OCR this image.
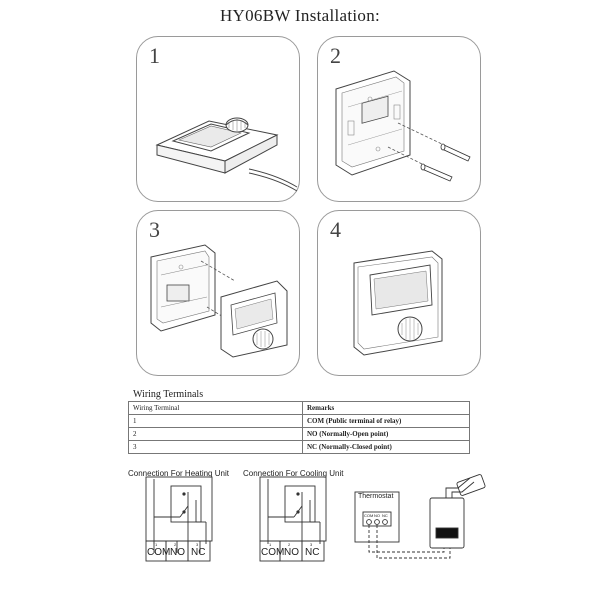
HY06BW Installation:
1	2
3	4
Wiring Terminals
Wiring Terminal	Remarks
1	COM (Public terminal of relay)
2	NO (Normally-Open point)
3	NC (Normally-Closed point)
Connection For Heating Unit
1	2	3
COM NO NC
Connection For Cooling Unit
1	2	3
COM NO NC
Thermostat
COM NO NC
